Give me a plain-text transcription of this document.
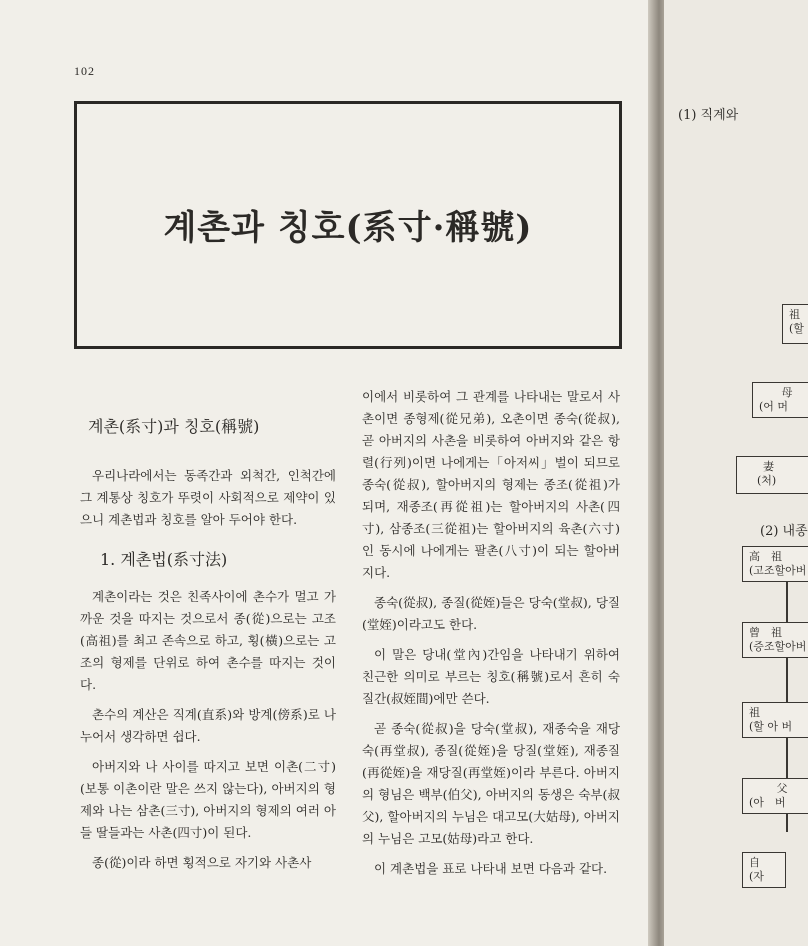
102
계촌과 칭호(系寸·稱號)
계촌(系寸)과 칭호(稱號)

우리나라에서는 동족간과 외척간, 인척간에 그 계통상 칭호가 뚜렷이 사회적으로 제약이 있으니 계촌법과 칭호를 알아 두어야 한다.

1. 계촌법(系寸法)

계촌이라는 것은 친족사이에 촌수가 멀고 가까운 것을 따지는 것으로서 종(從)으로는 고조(高祖)를 최고 존속으로 하고, 횡(橫)으로는 고조의 형제를 단위로 하여 촌수를 따지는 것이다.

촌수의 계산은 직계(直系)와 방계(傍系)로 나누어서 생각하면 쉽다.

아버지와 나 사이를 따지고 보면 이촌(二寸)(보통 이촌이란 말은 쓰지 않는다), 아버지의 형제와 나는 삼촌(三寸), 아버지의 형제의 여러 아들 딸들과는 사촌(四寸)이 된다.

종(從)이라 하면 횡적으로 자기와 사촌사

이에서 비롯하여 그 관계를 나타내는 말로서 사촌이면 종형제(從兄弟), 오촌이면 종숙(從叔), 곧 아버지의 사촌을 비롯하여 아버지와 같은 항렬(行列)이면 나에게는「아저씨」벌이 되므로 종숙(從叔), 할아버지의 형제는 종조(從祖)가 되며, 재종조(再從祖)는 할아버지의 사촌(四寸), 삼종조(三從祖)는 할아버지의 육촌(六寸)인 동시에 나에게는 팔촌(八寸)이 되는 할아버지다.

종숙(從叔), 종질(從姪)들은 당숙(堂叔), 당질(堂姪)이라고도 한다.

이 말은 당내(堂內)간임을 나타내기 위하여 친근한 의미로 부르는 칭호(稱號)로서 흔히 숙질간(叔姪間)에만 쓴다.

곧 종숙(從叔)을 당숙(堂叔), 재종숙을 재당숙(再堂叔), 종질(從姪)을 당질(堂姪), 재종질(再從姪)을 재당질(再堂姪)이라 부른다. 아버지의 형님은 백부(伯父), 아버지의 동생은 숙부(叔父), 할아버지의 누님은 대고모(大姑母), 아버지의 누님은 고모(姑母)라고 한다.

이 계촌법을 표로 나타내 보면 다음과 같다.

(1) 직계와
祖
(할
母
(어 머
妻
(처)
(2) 내종
高　祖
(고조할아버
曾　祖
(증조할아버
祖
(할 아 버
父
(아　버
自
(자
